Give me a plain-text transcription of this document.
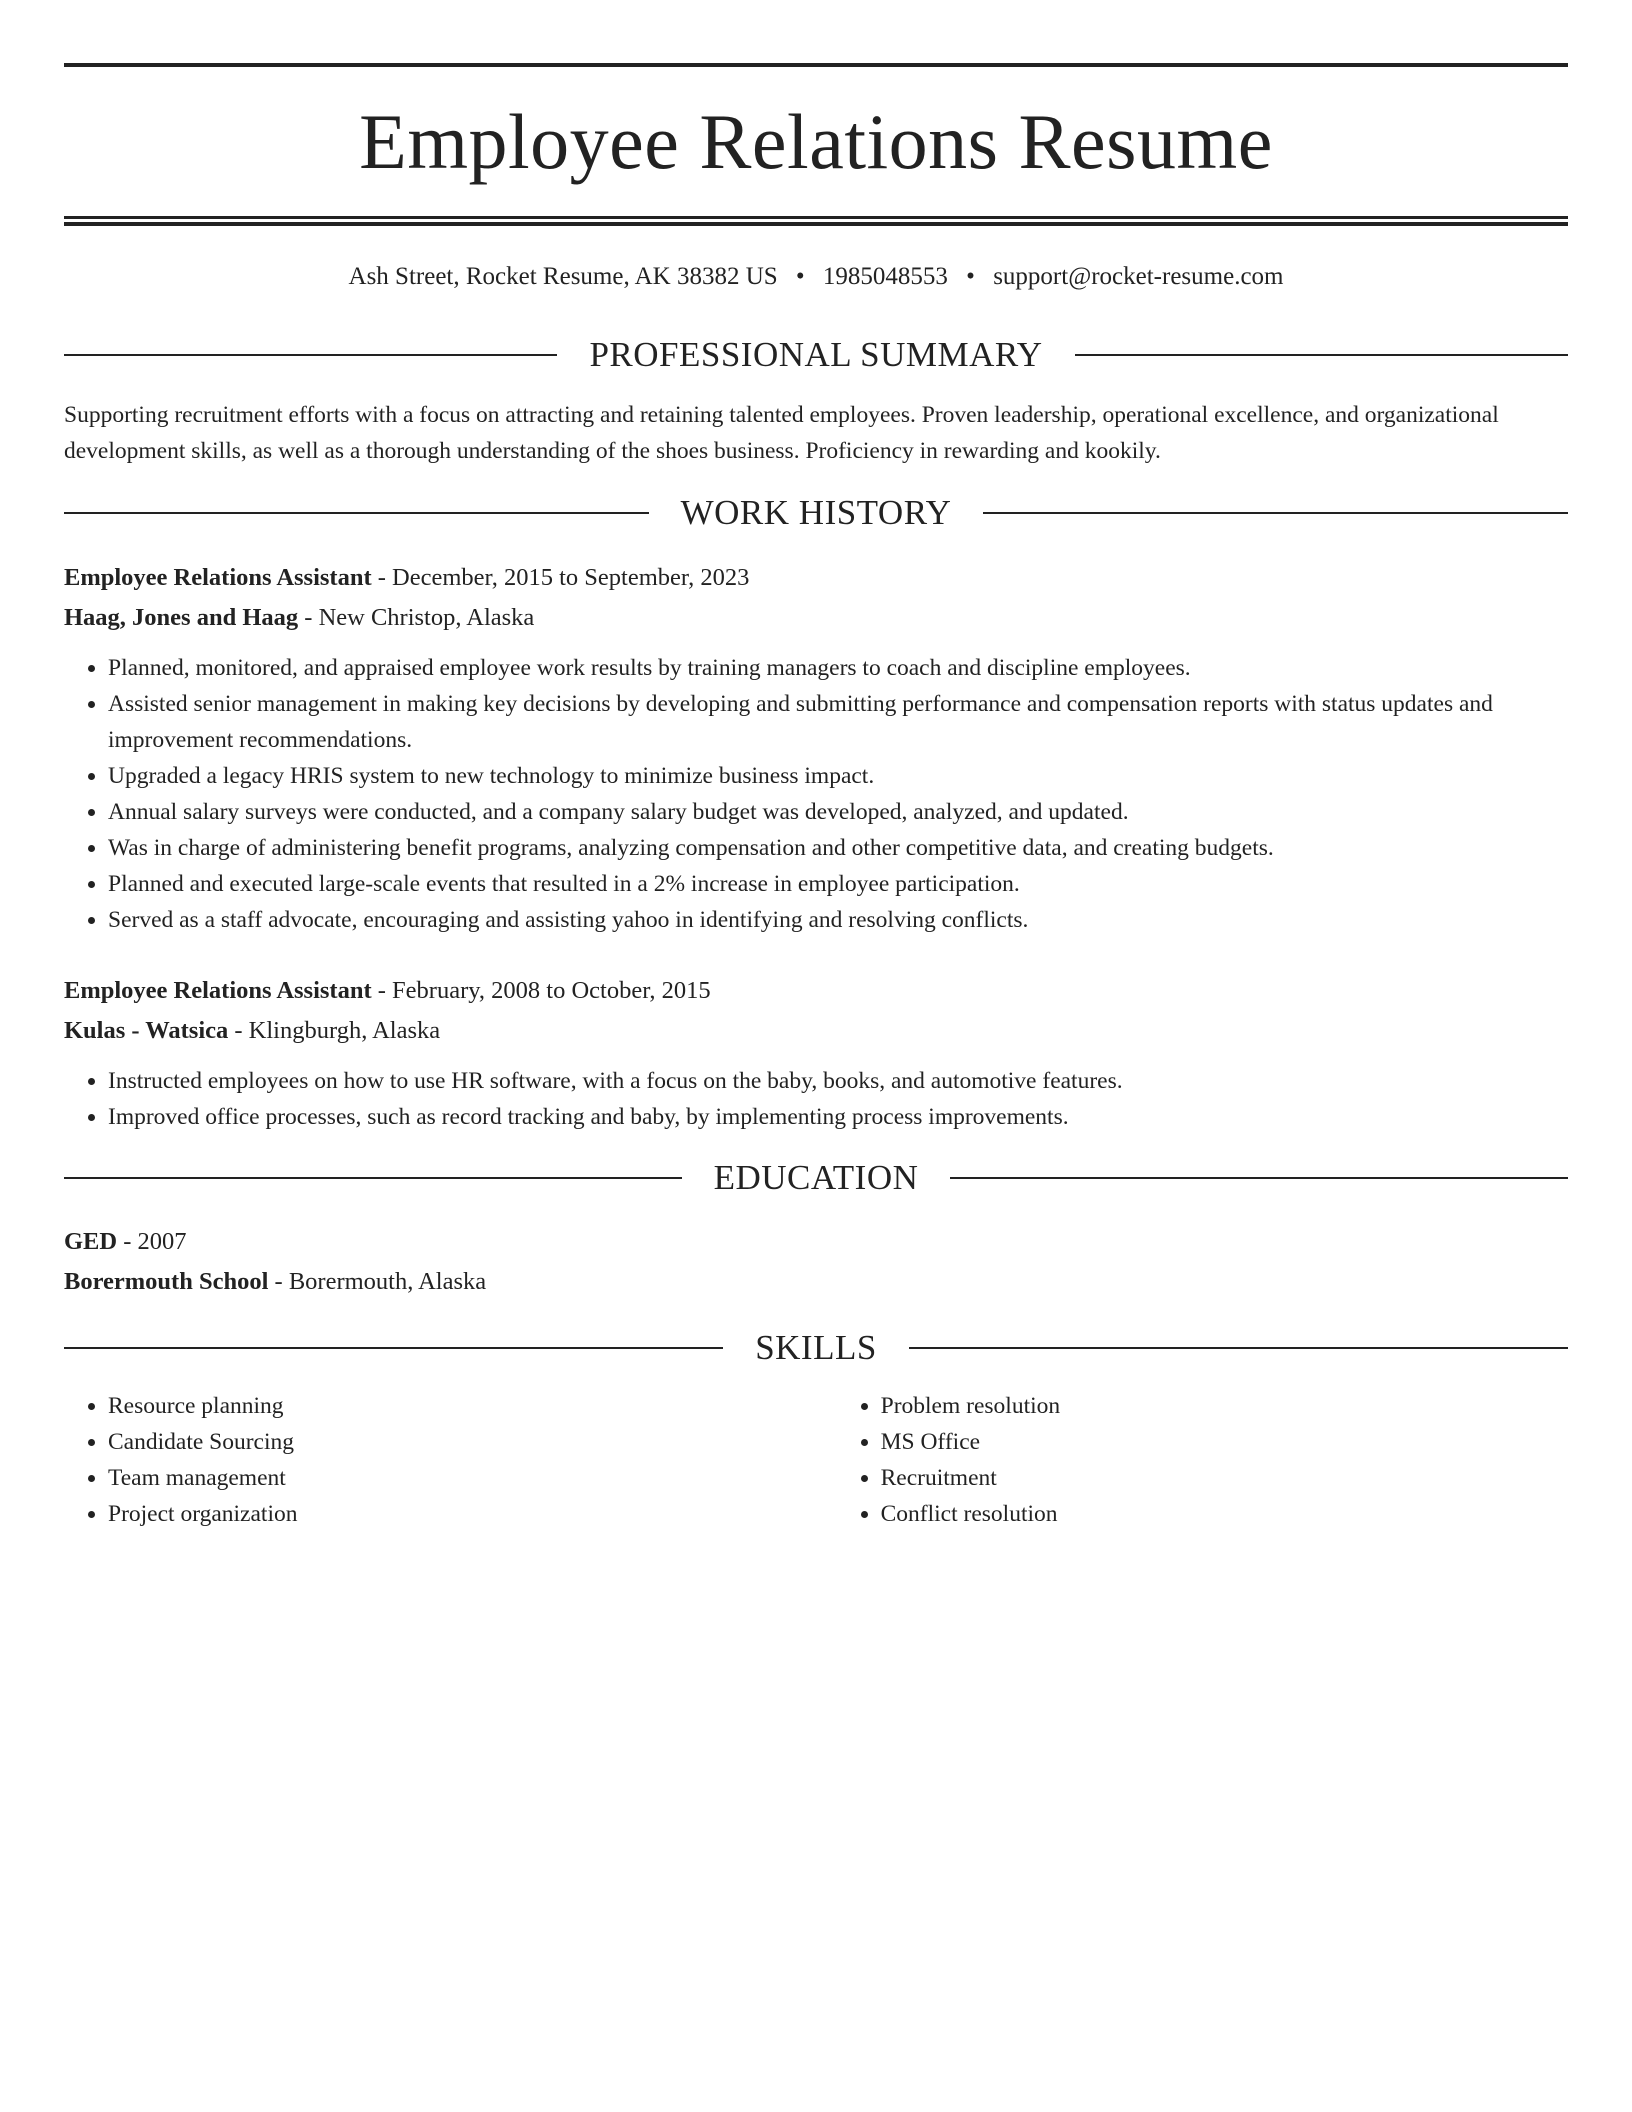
Employee Relations Resume
Ash Street, Rocket Resume, AK 38382 US • 1985048553 • support@rocket-resume.com
PROFESSIONAL SUMMARY
Supporting recruitment efforts with a focus on attracting and retaining talented employees. Proven leadership, operational excellence, and organizational development skills, as well as a thorough understanding of the shoes business. Proficiency in rewarding and kookily.
WORK HISTORY
Employee Relations Assistant - December, 2015 to September, 2023
Haag, Jones and Haag - New Christop, Alaska
• Planned, monitored, and appraised employee work results by training managers to coach and discipline employees.
• Assisted senior management in making key decisions by developing and submitting performance and compensation reports with status updates and improvement recommendations.
• Upgraded a legacy HRIS system to new technology to minimize business impact.
• Annual salary surveys were conducted, and a company salary budget was developed, analyzed, and updated.
• Was in charge of administering benefit programs, analyzing compensation and other competitive data, and creating budgets.
• Planned and executed large-scale events that resulted in a 2% increase in employee participation.
• Served as a staff advocate, encouraging and assisting yahoo in identifying and resolving conflicts.
Employee Relations Assistant - February, 2008 to October, 2015
Kulas - Watsica - Klingburgh, Alaska
• Instructed employees on how to use HR software, with a focus on the baby, books, and automotive features.
• Improved office processes, such as record tracking and baby, by implementing process improvements.
EDUCATION
GED - 2007
Borermouth School - Borermouth, Alaska
SKILLS
• Resource planning
• Candidate Sourcing
• Team management
• Project organization
• Problem resolution
• MS Office
• Recruitment
• Conflict resolution
